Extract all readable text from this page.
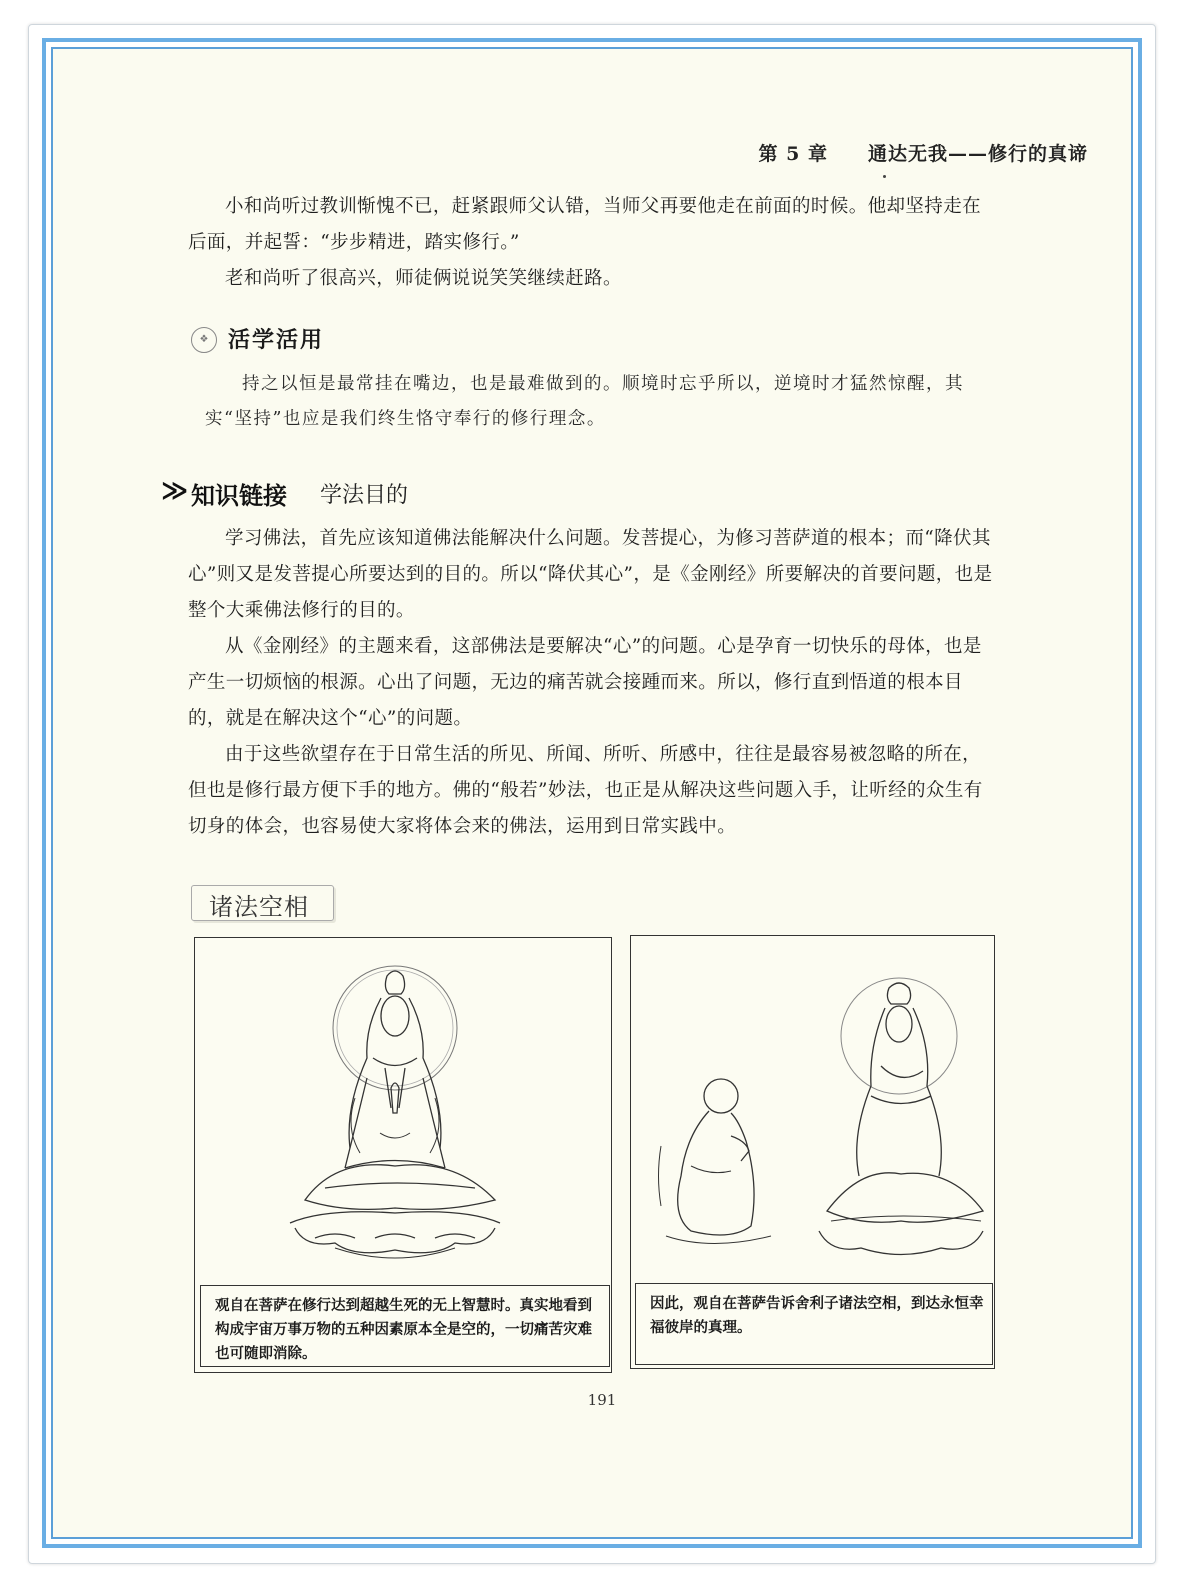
第 5 章　　通达无我——修行的真谛

小和尚听过教训惭愧不已，赶紧跟师父认错，当师父再要他走在前面的时候。他却坚持走在后面，并起誓：“步步精进，踏实修行。”

老和尚听了很高兴，师徒俩说说笑笑继续赶路。

❖ 活学活用

持之以恒是最常挂在嘴边，也是最难做到的。顺境时忘乎所以，逆境时才猛然惊醒，其实“坚持”也应是我们终生恪守奉行的修行理念。

≫ 知识链接 学法目的

学习佛法，首先应该知道佛法能解决什么问题。发菩提心，为修习菩萨道的根本；而“降伏其心”则又是发菩提心所要达到的目的。所以“降伏其心”，是《金刚经》所要解决的首要问题，也是整个大乘佛法修行的目的。

从《金刚经》的主题来看，这部佛法是要解决“心”的问题。心是孕育一切快乐的母体，也是产生一切烦恼的根源。心出了问题，无边的痛苦就会接踵而来。所以，修行直到悟道的根本目的，就是在解决这个“心”的问题。

由于这些欲望存在于日常生活的所见、所闻、所听、所感中，往往是最容易被忽略的所在，但也是修行最方便下手的地方。佛的“般若”妙法，也正是从解决这些问题入手，让听经的众生有切身的体会，也容易使大家将体会来的佛法，运用到日常实践中。

诸法空相
观自在菩萨在修行达到超越生死的无上智慧时。真实地看到构成宇宙万事万物的五种因素原本全是空的，一切痛苦灾难也可随即消除。
因此，观自在菩萨告诉舍利子诸法空相，到达永恒幸福彼岸的真理。
191
